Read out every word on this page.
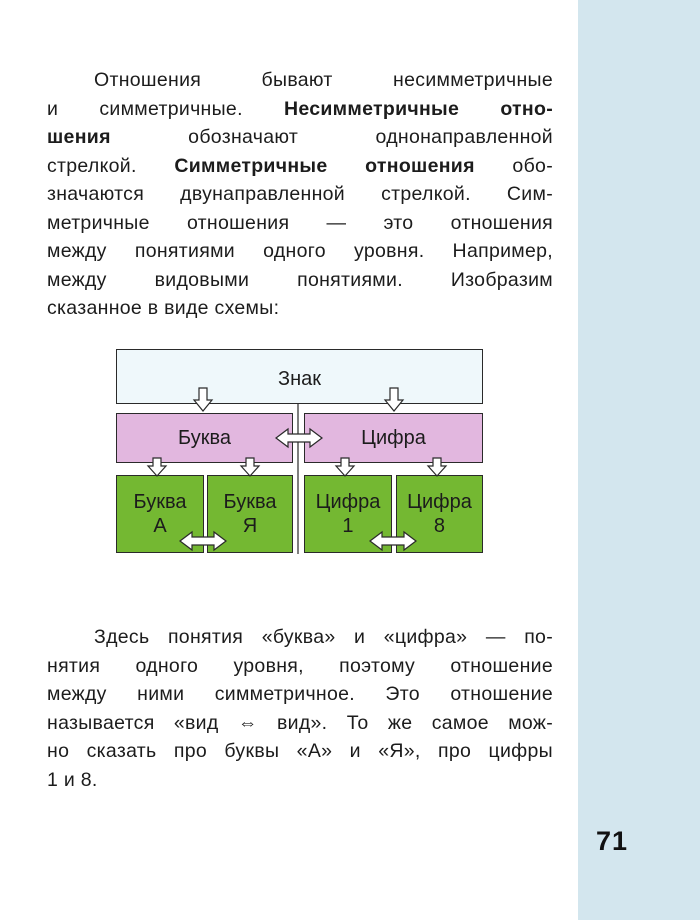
Отношения бывают несимметричные
и симметричные. Несимметричные отно-
шения обозначают однонаправленной
стрелкой. Симметричные отношения обо-
значаются двунаправленной стрелкой. Сим-
метричные отношения — это отношения
между понятиями одного уровня. Например,
между видовыми понятиями. Изобразим
сказанное в виде схемы:
Знак
Буква	Цифра
Буква
А
Буква
Я
Цифра
1
Цифра
8
Здесь понятия «буква» и «цифра» — по-
нятия одного уровня, поэтому отношение
между ними симметричное. Это отношение
называется «вид ⇔ вид». То же самое мож-
но сказать про буквы «А» и «Я», про цифры
1 и 8.
71
